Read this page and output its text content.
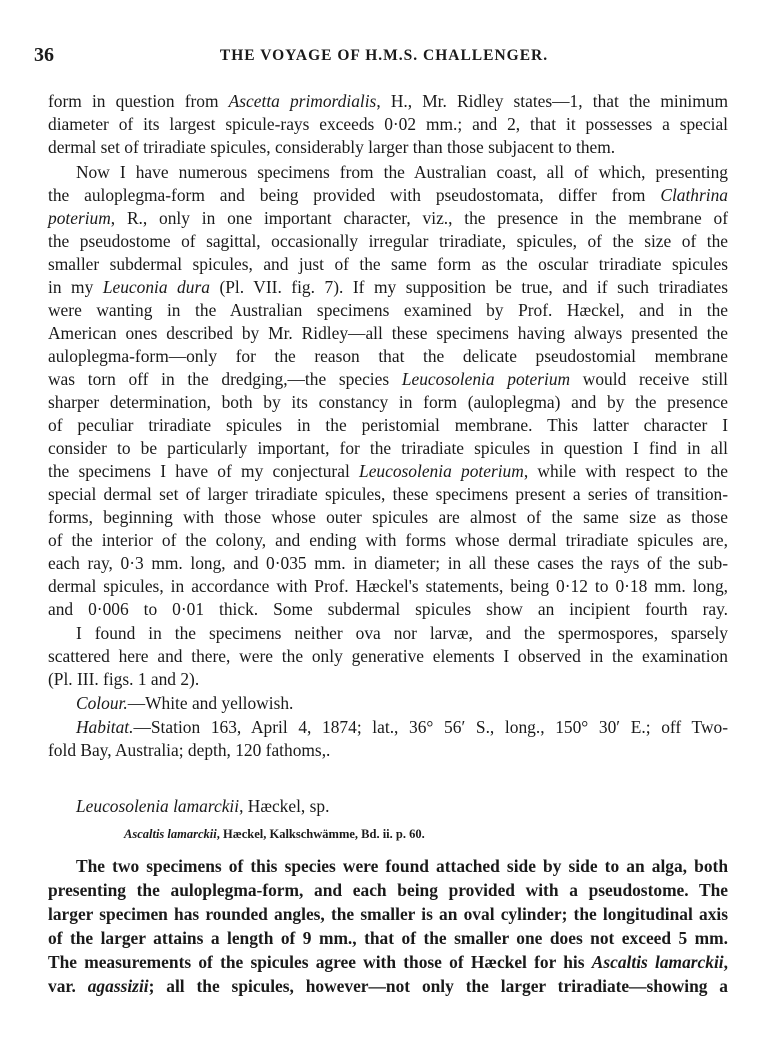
36	THE VOYAGE OF H.M.S. CHALLENGER.
form in question from Ascetta primordialis, H., Mr. Ridley states—1, that the minimum
diameter of its largest spicule-rays exceeds 0·02 mm.; and 2, that it possesses a special
dermal set of triradiate spicules, considerably larger than those subjacent to them.
Now I have numerous specimens from the Australian coast, all of which, presenting
the auloplegma-form and being provided with pseudostomata, differ from Clathrina
poterium, R., only in one important character, viz., the presence in the membrane of
the pseudostome of sagittal, occasionally irregular triradiate, spicules, of the size of the
smaller subdermal spicules, and just of the same form as the oscular triradiate spicules
in my Leuconia dura (Pl. VII. fig. 7). If my supposition be true, and if such triradiates
were wanting in the Australian specimens examined by Prof. Hæckel, and in the
American ones described by Mr. Ridley—all these specimens having always presented the
auloplegma-form—only for the reason that the delicate pseudostomial membrane
was torn off in the dredging,—the species Leucosolenia poterium would receive still
sharper determination, both by its constancy in form (auloplegma) and by the presence
of peculiar triradiate spicules in the peristomial membrane. This latter character I
consider to be particularly important, for the triradiate spicules in question I find in all
the specimens I have of my conjectural Leucosolenia poterium, while with respect to the
special dermal set of larger triradiate spicules, these specimens present a series of transition-
forms, beginning with those whose outer spicules are almost of the same size as those
of the interior of the colony, and ending with forms whose dermal triradiate spicules are,
each ray, 0·3 mm. long, and 0·035 mm. in diameter; in all these cases the rays of the sub-
dermal spicules, in accordance with Prof. Hæckel's statements, being 0·12 to 0·18 mm. long,
and 0·006 to 0·01 thick. Some subdermal spicules show an incipient fourth ray.
I found in the specimens neither ova nor larvæ, and the spermospores, sparsely
scattered here and there, were the only generative elements I observed in the examination
(Pl. III. figs. 1 and 2).
Colour.—White and yellowish.
Habitat.—Station 163, April 4, 1874; lat., 36° 56′ S., long., 150° 30′ E.; off Two-
fold Bay, Australia; depth, 120 fathoms,.
Leucosolenia lamarckii, Hæckel, sp.
Ascaltis lamarckii, Hæckel, Kalkschwämme, Bd. ii. p. 60.
The two specimens of this species were found attached side by side to an alga, both
presenting the auloplegma-form, and each being provided with a pseudostome. The
larger specimen has rounded angles, the smaller is an oval cylinder; the longitudinal axis
of the larger attains a length of 9 mm., that of the smaller one does not exceed 5 mm.
The measurements of the spicules agree with those of Hæckel for his Ascaltis lamarckii,
var. agassizii; all the spicules, however—not only the larger triradiate—showing a
